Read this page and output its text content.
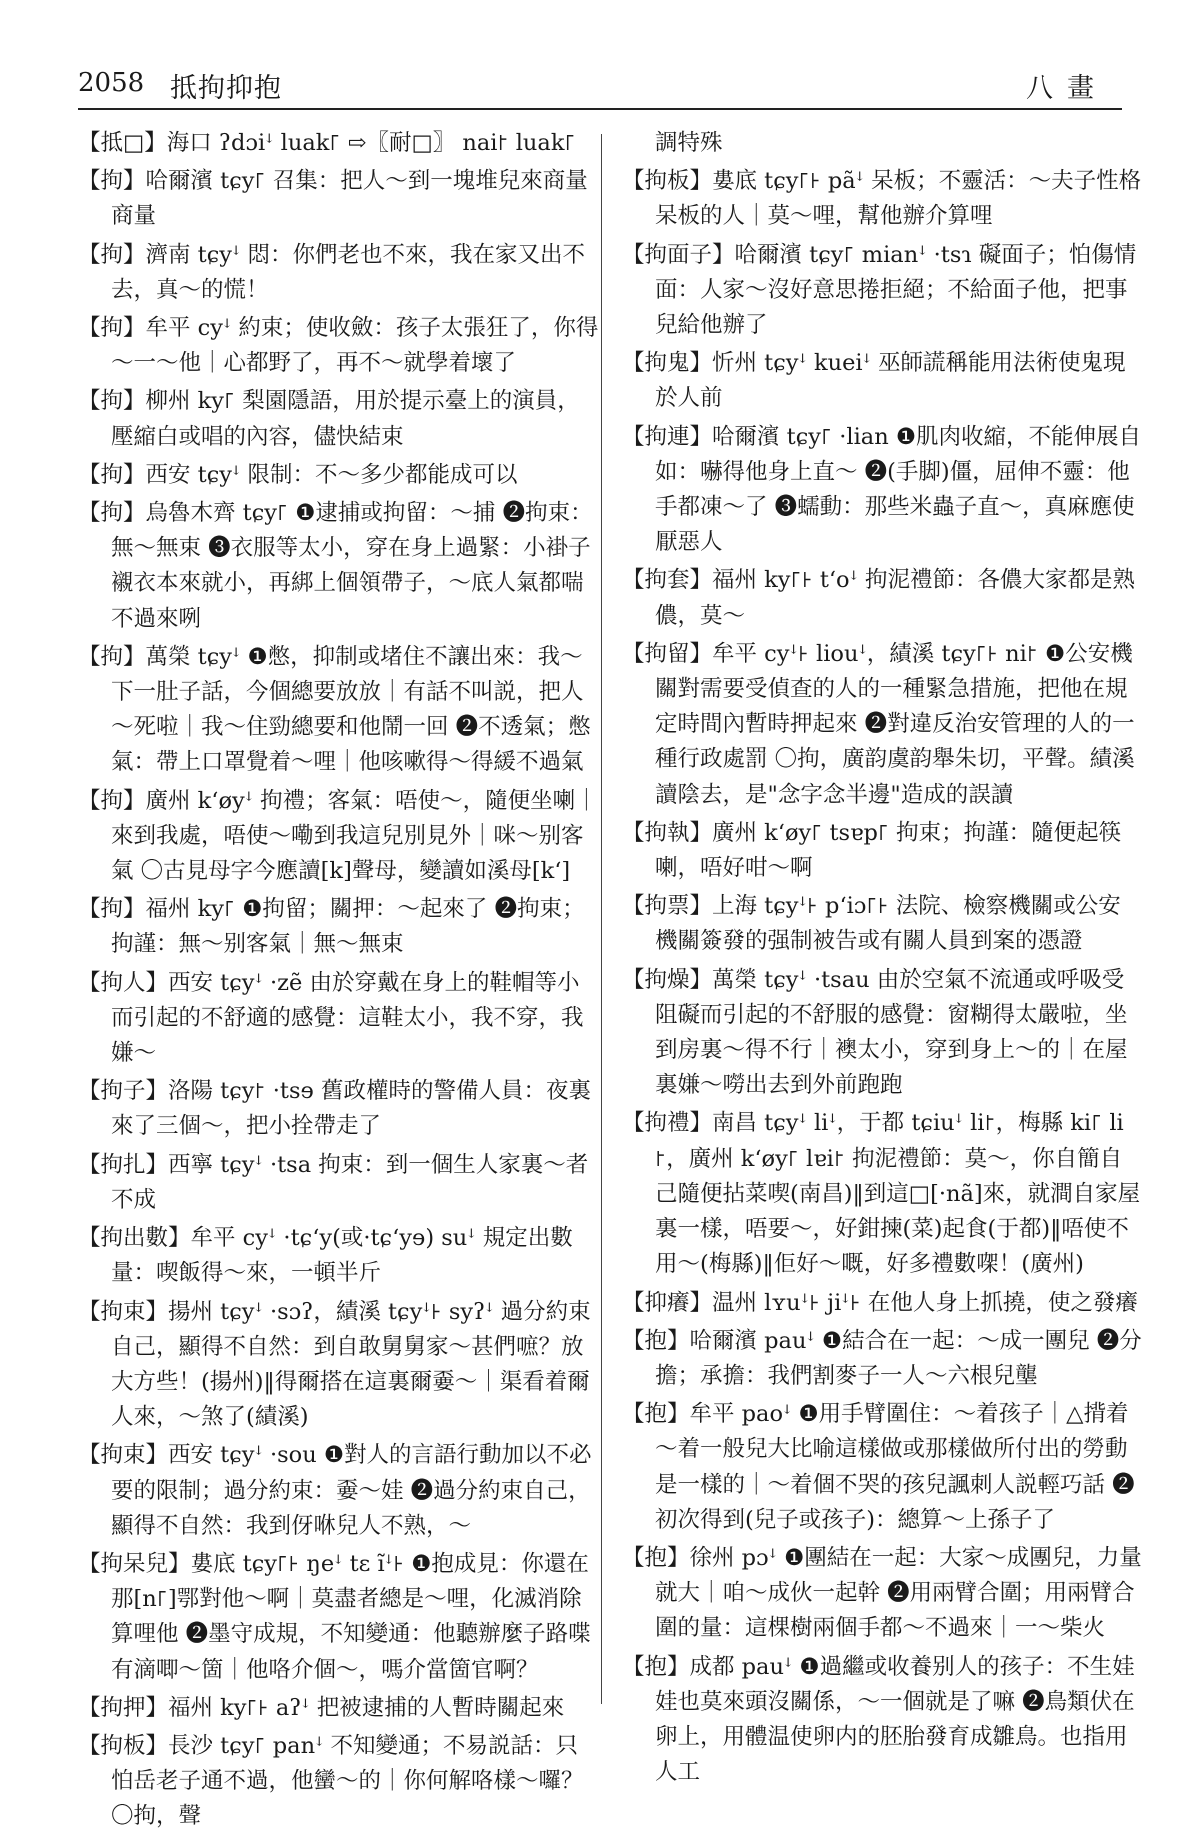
2058 抵拘抑抱	八畫

【抵□】海口 ʔdɔiꜜ luak꜒ ⇨〖耐□〗 nai꜓ luak꜒

【拘】哈爾濱 tɕy꜒ 召集：把人～到一塊堆兒來商量商量

【拘】濟南 tɕyꜜ 悶：你們老也不來，我在家又出不去，真～的慌！

【拘】牟平 cyꜜ 約束；使收斂：孩子太張狂了，你得～一～他｜心都野了，再不～就學着壞了

【拘】柳州 ky꜒ 梨園隱語，用於提示臺上的演員，壓縮白或唱的內容，儘快結束

【拘】西安 tɕyꜜ 限制：不～多少都能成可以

【拘】烏魯木齊 tɕy꜒ ❶逮捕或拘留：～捕 ❷拘束：無～無束 ❸衣服等太小，穿在身上過緊：小褂子襯衣本來就小，再綁上個領帶子，～底人氣都喘不過來咧

【拘】萬榮 tɕyꜜ ❶憋，抑制或堵住不讓出來：我～下一肚子話，今個總要放放｜有話不叫説，把人～死啦｜我～住勁總要和他鬧一回 ❷不透氣；憋氣：帶上口罩覺着～哩｜他咳嗽得～得緩不過氣

【拘】廣州 kʻøyꜜ 拘禮；客氣：唔使～，隨便坐喇｜來到我處，唔使～嘞到我這兒別見外｜咪～别客氣 〇古見母字今應讀[k]聲母，變讀如溪母[kʻ]

【拘】福州 ky꜒ ❶拘留；關押：～起來了 ❷拘束；拘謹：無～别客氣｜無～無束

【拘人】西安 tɕyꜜ ·zẽ 由於穿戴在身上的鞋帽等小而引起的不舒適的感覺：這鞋太小，我不穿，我嫌～

【拘子】洛陽 tɕy꜓ ·tsɘ 舊政權時的警備人員：夜裏來了三個～，把小拴帶走了

【拘扎】西寧 tɕyꜜ ·tsa 拘束：到一個生人家裏～者不成

【拘出數】牟平 cyꜜ ·tɕʻy(或·tɕʻyɘ) suꜜ 規定出數量：喫飯得～來，一頓半斤

【拘束】揚州 tɕyꜜ ·sɔʔ，績溪 tɕyꜜ꜔ syʔꜜ 過分約束自己，顯得不自然：到自敢舅舅家～甚們嗻？放大方些！(揚州)‖得爾搭在這裏爾嫑～｜渠看着爾人來，～煞了(績溪)

【拘束】西安 tɕyꜜ ·sou ❶對人的言語行動加以不必要的限制；過分約束：嫑～娃 ❷過分約束自己，顯得不自然：我到伢咻兒人不熟，～

【拘呆兒】婁底 tɕy꜒꜔ ŋeꜜ tɛ ĩꜜ꜔ ❶抱成見：你還在那[n꜒]鄂對他～啊｜莫盡者總是～哩，化滅消除算哩他 ❷墨守成規，不知變通：他聽辦麼子路喋有滴唧～箇｜他咯介個～，嗎介當箇官啊？

【拘押】福州 ky꜒꜔ aʔꜜ 把被逮捕的人暫時關起來

【拘板】長沙 tɕy꜒ panꜜ 不知變通；不易説話：只怕岳老子通不過，他蠻～的｜你何解咯樣～囉？〇拘，聲

調特殊

【拘板】婁底 tɕy꜒꜔ pãꜜ 呆板；不靈活：～夫子性格呆板的人｜莫～哩，幫他辦介算哩

【拘面子】哈爾濱 tɕy꜒ mianꜜ ·tsɿ 礙面子；怕傷情面：人家～沒好意思捲拒絕；不給面子他，把事兒給他辦了

【拘鬼】忻州 tɕyꜜ kueiꜜ 巫師謊稱能用法術使鬼現於人前

【拘連】哈爾濱 tɕy꜒ ·lian ❶肌肉收縮，不能伸展自如：嚇得他身上直～ ❷(手脚)僵，屈伸不靈：他手都凍～了 ❸蠕動：那些米蟲子直～，真麻應使厭惡人

【拘套】福州 ky꜒꜔ tʻoꜜ 拘泥禮節：各儂大家都是熟儂，莫～

【拘留】牟平 cyꜜ꜔ liouꜜ，績溪 tɕy꜒꜔ ni꜓ ❶公安機關對需要受偵查的人的一種緊急措施，把他在規定時間內暫時押起來 ❷對違反治安管理的人的一種行政處罰 〇拘，廣韵虞韵舉朱切，平聲。績溪讀陰去，是"念字念半邊"造成的誤讀

【拘執】廣州 kʻøy꜒ tsɐp꜒ 拘束；拘謹：隨便起筷喇，唔好咁～啊

【拘票】上海 tɕyꜜ꜔ pʻiɔ꜒꜔ 法院、檢察機關或公安機關簽發的强制被告或有關人員到案的憑證

【拘燥】萬榮 tɕyꜜ ·tsau 由於空氣不流通或呼吸受阻礙而引起的不舒服的感覺：窗糊得太嚴啦，坐到房裏～得不行｜襖太小，穿到身上～的｜在屋裏嫌～嘮出去到外前跑跑

【拘禮】南昌 tɕyꜜ liꜜ，于都 tɕiuꜜ li꜓，梅縣 ki꜒ li꜓，廣州 kʻøy꜒ lɐi꜓ 拘泥禮節：莫～，你自簡自己隨便拈菜喫(南昌)‖到這□[·nã]來，就澗自家屋裏一樣，唔要～，好鉗揀(菜)起食(于都)‖唔使不用～(梅縣)‖佢好～嘅，好多禮數㗎！(廣州)

【抑癢】温州 lʏuꜜ꜔ jiꜜ꜔ 在他人身上抓撓，使之發癢

【抱】哈爾濱 pauꜜ ❶結合在一起：～成一團兒 ❷分擔；承擔：我們割麥子一人～六根兒壟

【抱】牟平 paoꜜ ❶用手臂圍住：～着孩子｜△揹着～着一般兒大比喻這樣做或那樣做所付出的勞動是一樣的｜～着個不哭的孩兒諷刺人説輕巧話 ❷初次得到(兒子或孩子)：總算～上孫子了

【抱】徐州 pɔꜜ ❶團結在一起：大家～成團兒，力量就大｜咱～成伙一起幹 ❷用兩臂合圍；用兩臂合圍的量：這棵樹兩個手都～不過來｜一～柴火

【抱】成都 pauꜜ ❶過繼或收養别人的孩子：不生娃娃也莫來頭沒關係，～一個就是了嘛 ❷鳥類伏在卵上，用體温使卵内的胚胎發育成雛鳥。也指用人工
